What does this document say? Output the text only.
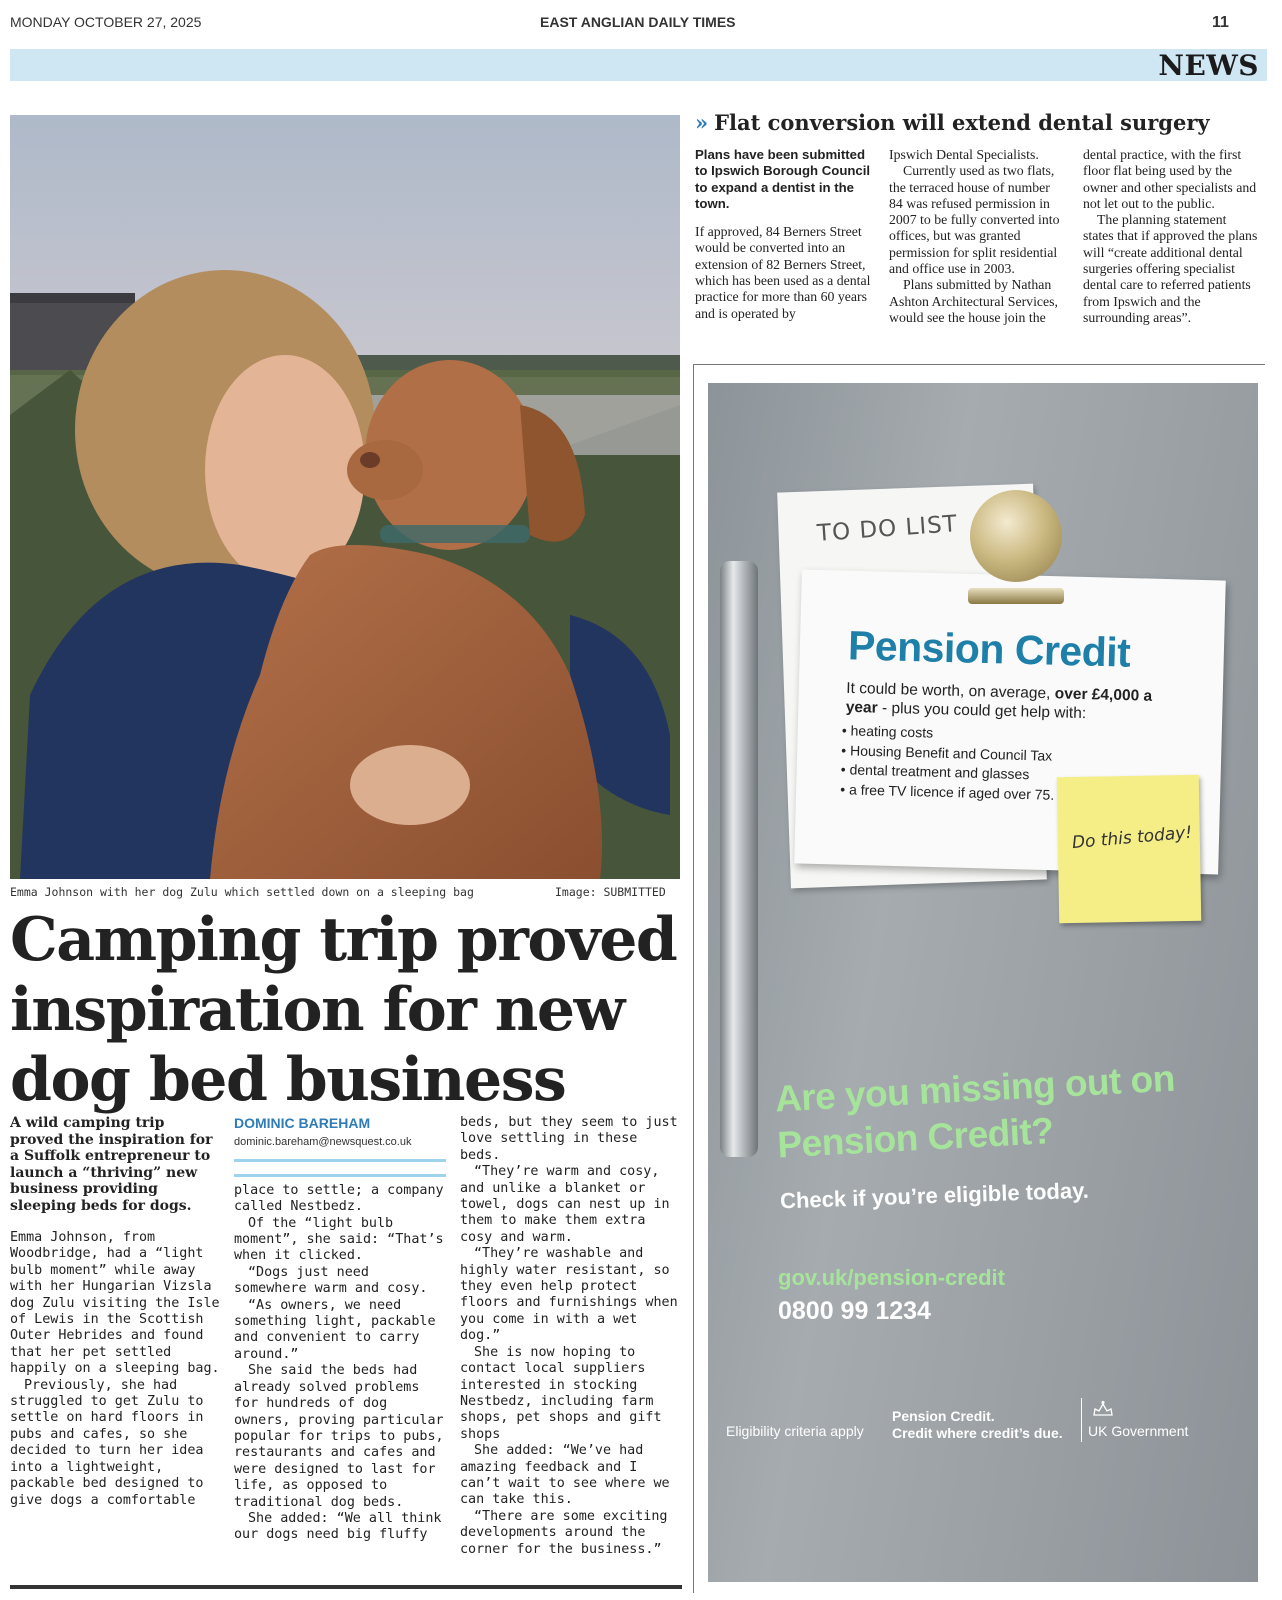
MONDAY OCTOBER 27, 2025	EAST ANGLIAN DAILY TIMES	11
NEWS
Emma Johnson with her dog Zulu which settled down on a sleeping bag	Image: SUBMITTED
Camping trip proved inspiration for new dog bed business

A wild camping trip proved the inspiration for a Suffolk entrepreneur to launch a “thriving” new business providing sleeping beds for dogs.

Emma Johnson, from Woodbridge, had a “light bulb moment” while away with her Hungarian Vizsla dog Zulu visiting the Isle of Lewis in the Scottish Outer Hebrides and found that her pet settled happily on a sleeping bag.

Previously, she had struggled to get Zulu to settle on hard floors in pubs and cafes, so she decided to turn her idea into a lightweight, packable bed designed to give dogs a comfortable

DOMINIC BAREHAM

dominic.bareham@newsquest.co.uk

place to settle; a company called Nestbedz.

Of the “light bulb moment”, she said: “That’s when it clicked.

“Dogs just need somewhere warm and cosy.

“As owners, we need something light, packable and convenient to carry around.”

She said the beds had already solved problems for hundreds of dog owners, proving particular popular for trips to pubs, restaurants and cafes and were designed to last for life, as opposed to traditional dog beds.

She added: “We all think our dogs need big fluffy

beds, but they seem to just love settling in these beds.

“They’re warm and cosy, and unlike a blanket or towel, dogs can nest up in them to make them extra cosy and warm.

“They’re washable and highly water resistant, so they even help protect floors and furnishings when you come in with a wet dog.”

She is now hoping to contact local suppliers interested in stocking Nestbedz, including farm shops, pet shops and gift shops

She added: “We’ve had amazing feedback and I can’t wait to see where we can take this.

“There are some exciting developments around the corner for the business.”

» Flat conversion will extend dental surgery

Plans have been submitted to Ipswich Borough Council to expand a dentist in the town.

If approved, 84 Berners Street would be converted into an extension of 82 Berners Street, which has been used as a dental practice for more than 60 years and is operated by

Ipswich Dental Specialists.

Currently used as two flats, the terraced house of number 84 was refused permission in 2007 to be fully converted into offices, but was granted permission for split residential and office use in 2003.

Plans submitted by Nathan Ashton Architectural Services, would see the house join the

dental practice, with the first floor flat being used by the owner and other specialists and not let out to the public.

The planning statement states that if approved the plans will “create additional dental surgeries offering specialist dental care to referred patients from Ipswich and the surrounding areas”.

TO DO LIST
Pension Credit
It could be worth, on average, over £4,000 a year - plus you could get help with:
• heating costs
• Housing Benefit and Council Tax
• dental treatment and glasses
• a free TV licence if aged over 75.
Do this today!
Are you missing out on Pension Credit?
Check if you’re eligible today.
gov.uk/pension-credit
0800 99 1234
Eligibility criteria apply
Pension Credit.
Credit where credit’s due. UK Government
